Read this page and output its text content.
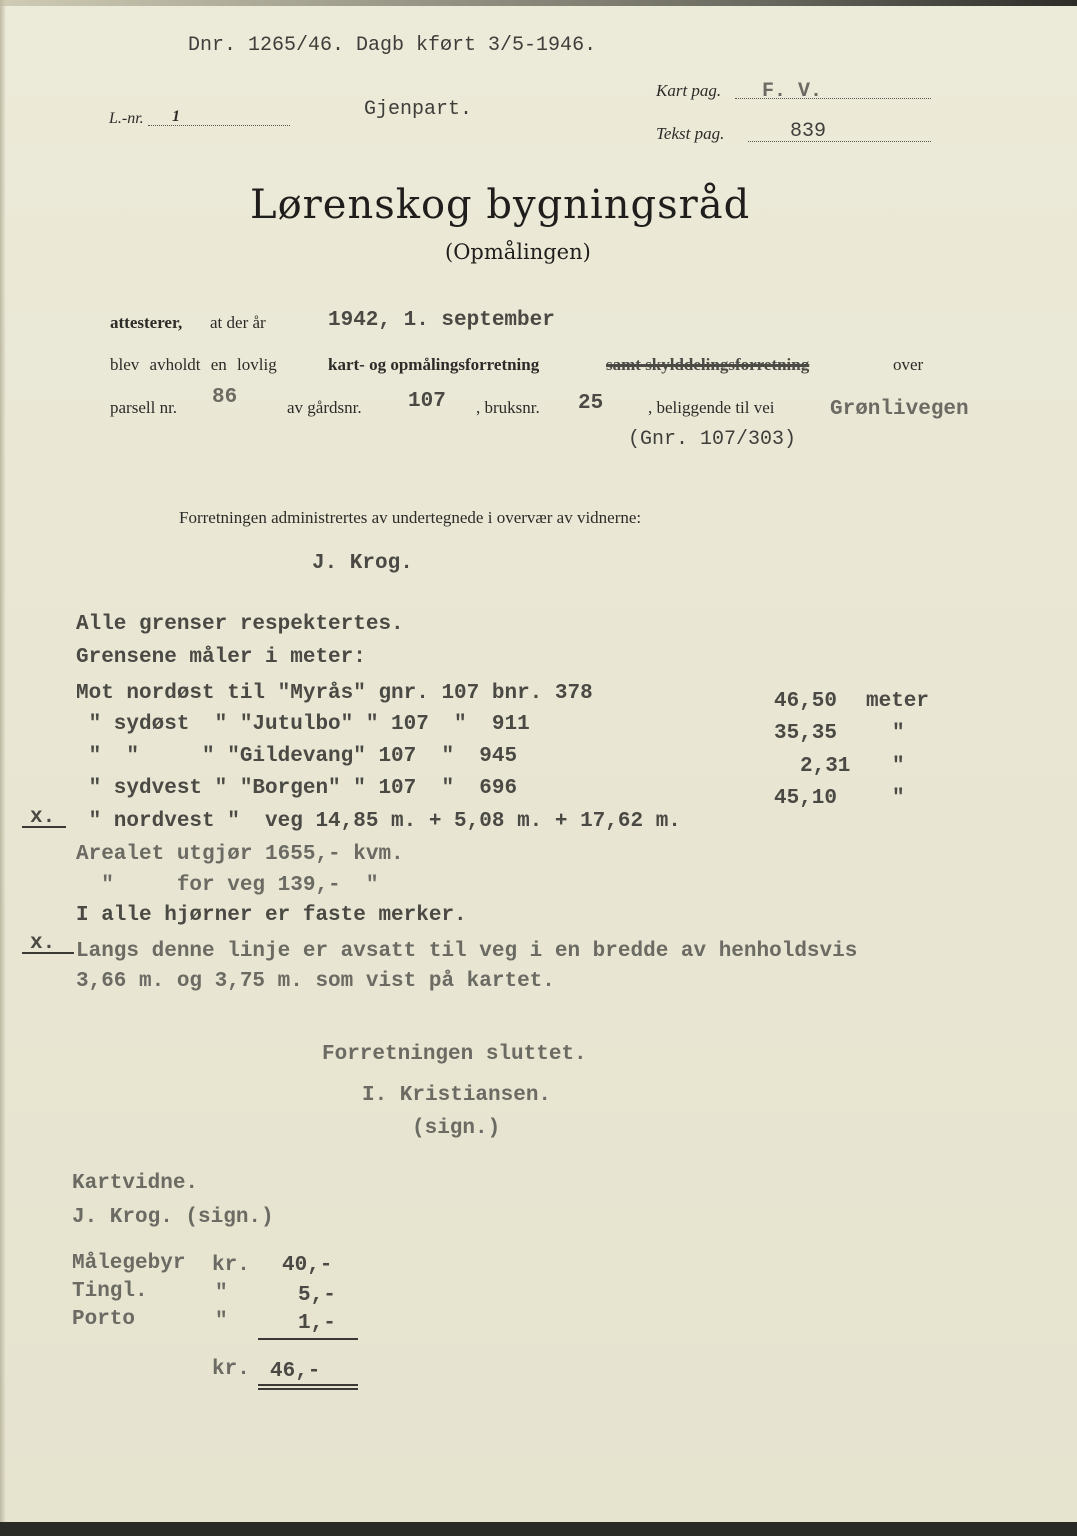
Dnr. 1265/46. Dagb kført 3/5-1946.
L.-nr. 1	Gjenpart.
Kart pag. F. V.
Tekst pag.	839
Lørenskog bygningsråd
(Opmålingen)
attesterer, at der år	1942, 1. september
blev avholdt en lovlig	kart- og opmålingsforretning	samt skylddelingsforretning	over
parsell nr. 86	av gårdsnr. 107 , bruksnr. 25	, beliggende til vei	Grønlivegen
(Gnr. 107/303)
Forretningen administrertes av undertegnede i overvær av vidnerne:
J. Krog.
Alle grenser respektertes.
Grensene måler i meter:
Mot nordøst til "Myrås" gnr. 107 bnr. 378	46,50 meter
" sydøst  " "Jutulbo" " 107  "  911	35,35	"
"  "     " "Gildevang" 107  "  945	2,31 "
" sydvest " "Borgen" " 107  "  696	45,10	"
x. " nordvest "  veg 14,85 m. + 5,08 m. + 17,62 m.
Arealet utgjør 1655,- kvm.
"     for veg 139,-  "
I alle hjørner er faste merker.
x. Langs denne linje er avsatt til veg i en bredde av henholdsvis
3,66 m. og 3,75 m. som vist på kartet.
Forretningen sluttet.
I. Kristiansen.
(sign.)
Kartvidne.
J. Krog. (sign.)
Målegebyr kr. 40,-
Tingl.	"	5,-
Porto	"	1,-
kr. 46,-
